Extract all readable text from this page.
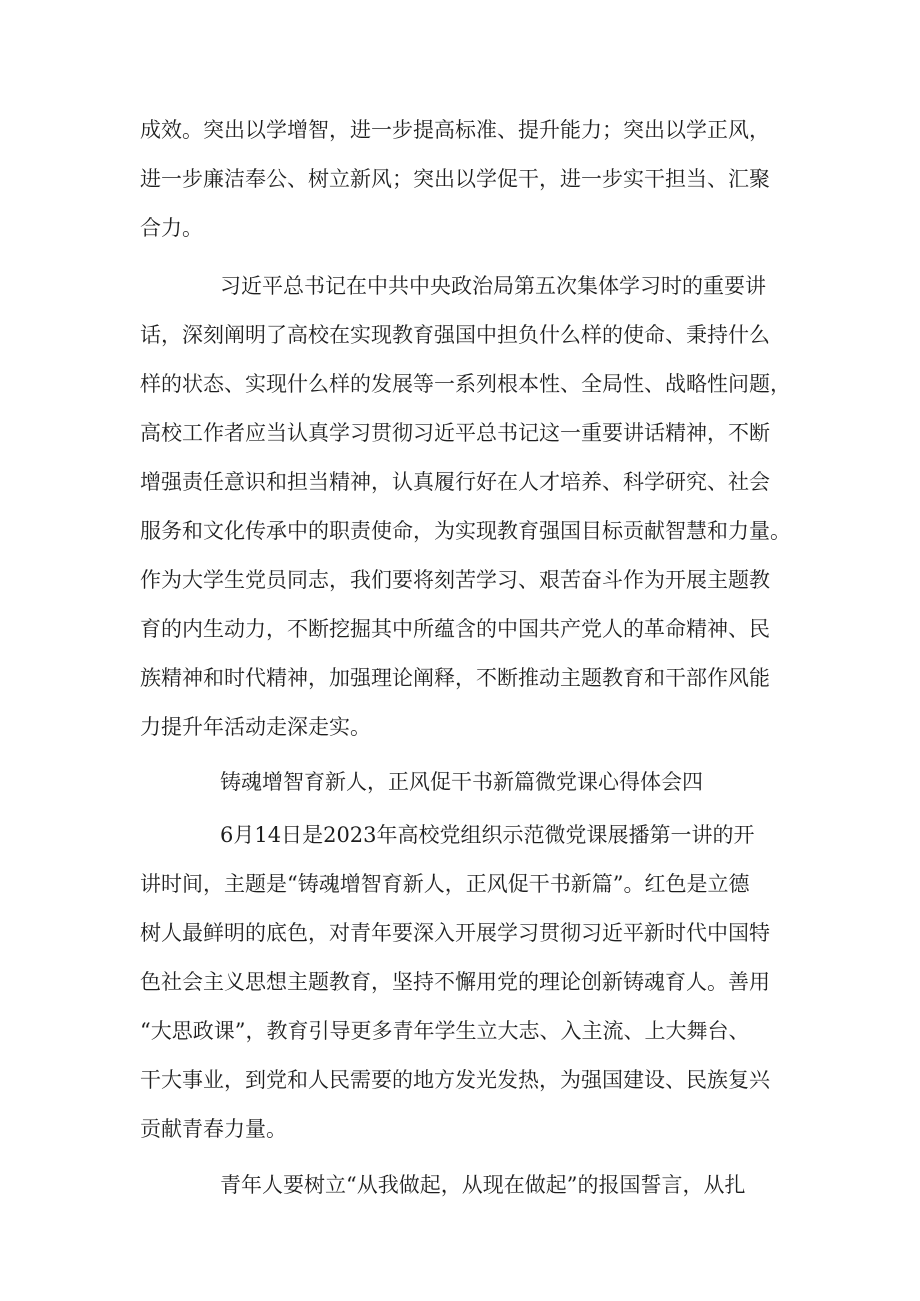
成效。突出以学增智，进一步提高标准、提升能力；突出以学正风，
进一步廉洁奉公、树立新风；突出以学促干，进一步实干担当、汇聚
合力。
习近平总书记在中共中央政治局第五次集体学习时的重要讲
话，深刻阐明了高校在实现教育强国中担负什么样的使命、秉持什么
样的状态、实现什么样的发展等一系列根本性、全局性、战略性问题，
高校工作者应当认真学习贯彻习近平总书记这一重要讲话精神，不断
增强责任意识和担当精神，认真履行好在人才培养、科学研究、社会
服务和文化传承中的职责使命，为实现教育强国目标贡献智慧和力量。
作为大学生党员同志，我们要将刻苦学习、艰苦奋斗作为开展主题教
育的内生动力，不断挖掘其中所蕴含的中国共产党人的革命精神、民
族精神和时代精神，加强理论阐释，不断推动主题教育和干部作风能
力提升年活动走深走实。
铸魂增智育新人，正风促干书新篇微党课心得体会四
6月14日是2023年高校党组织示范微党课展播第一讲的开
讲时间，主题是“铸魂增智育新人，正风促干书新篇”。红色是立德
树人最鲜明的底色，对青年要深入开展学习贯彻习近平新时代中国特
色社会主义思想主题教育，坚持不懈用党的理论创新铸魂育人。善用
“大思政课”，教育引导更多青年学生立大志、入主流、上大舞台、
干大事业，到党和人民需要的地方发光发热，为强国建设、民族复兴
贡献青春力量。
青年人要树立“从我做起，从现在做起”的报国誓言，从扎
